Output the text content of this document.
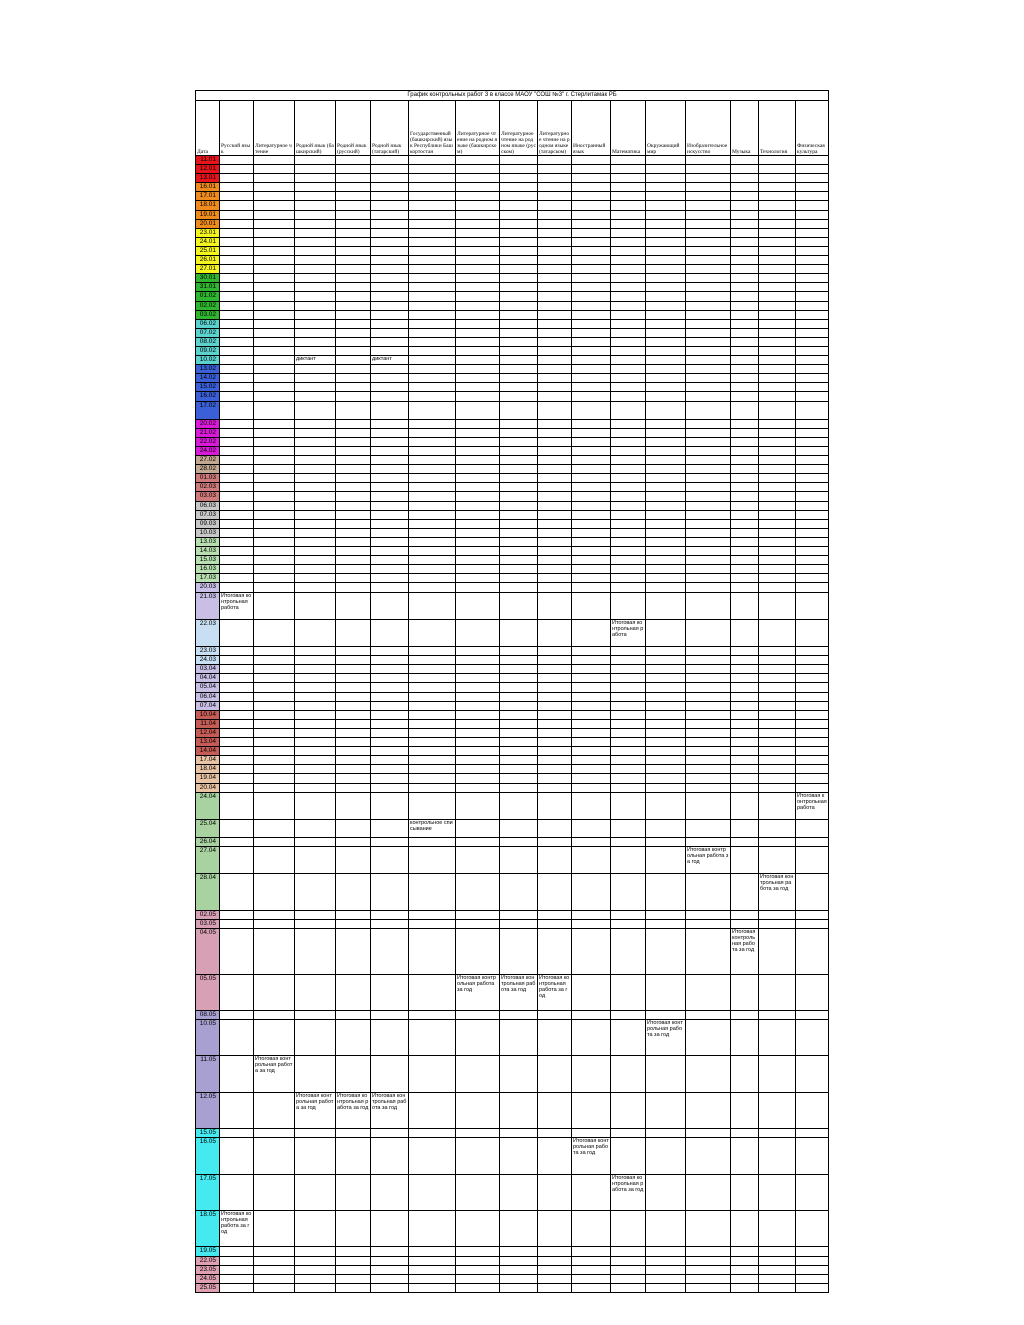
График контрольных работ 3 в классе МАОУ "СОШ №3" г. Стерлитамак РБ																
Дата	Русский язык	Литературное чтение	Родной язык (башкирский)	Родной язык (русский)	Родной язык (татарский)	Государственный (башкирский) язык Республики Башкортостан	Литературное чтение на родном языке (башкирском)	Литературное чтение на родном языке (русском)	Литературное чтение на родном языке (татарском)	Иностранный язык	Математика	Окружающий мир	Изобразительное искусство	Музыка	Технология	Физическая культура
11.01																
12.01																
13.01																
16.01																
17.01																
18.01																
19.01																
20.01																
23.01																
24.01																
25.01																
26.01																
27.01																
30.01																
31.01																
01.02																
02.02																
03.02																
06.02																
07.02																
08.02																
09.02																
10.02			диктант		диктант											
13.02																
14.02																
15.02																
16.02																
17.02																
20.02																
21.02																
22.02																
24.02																
27.02																
28.02																
01.03																
02.03																
03.03																
06.03																
07.03																
09.03																
10.03																
13.03																
14.03																
15.03																
16.03																
17.03																
20.03																
21.03	Итоговая контрольная работа															
22.03											Итоговая контрольная работа					
23.03																
24.03																
03.04																
04.04																
05.04																
06.04																
07.04																
10.04																
11.04																
12.04																
13.04																
14.04																
17.04																
18.04																
19.04																
20.04																
24.04																Итоговая контрольная работа
25.04						контрольное списывание										
26.04																
27.04													Итоговая контрольная работа за год			
28.04															Итоговая контрольная работа за год	
02.05																
03.05																
04.05														Итоговая контрольная работа за год		
05.05							Итоговая контрольная работа за год	Итоговая контрольная работа за год	Итоговая контрольная работа за год							
08.05																
10.05												Итоговая контрольная работа за год				
11.05		Итоговая контрольная работа за год														
12.05			Итоговая контрольная работа за год	Итоговая контрольная работа за год	Итоговая контрольная работа за год											
15.05																
16.05										Итоговая контрольная работа за год						
17.05											Итоговая контрольная работа за год					
18.05	Итоговая контрольная работа за год															
19.05																
22.05																
23.05																
24.05																
25.05																
